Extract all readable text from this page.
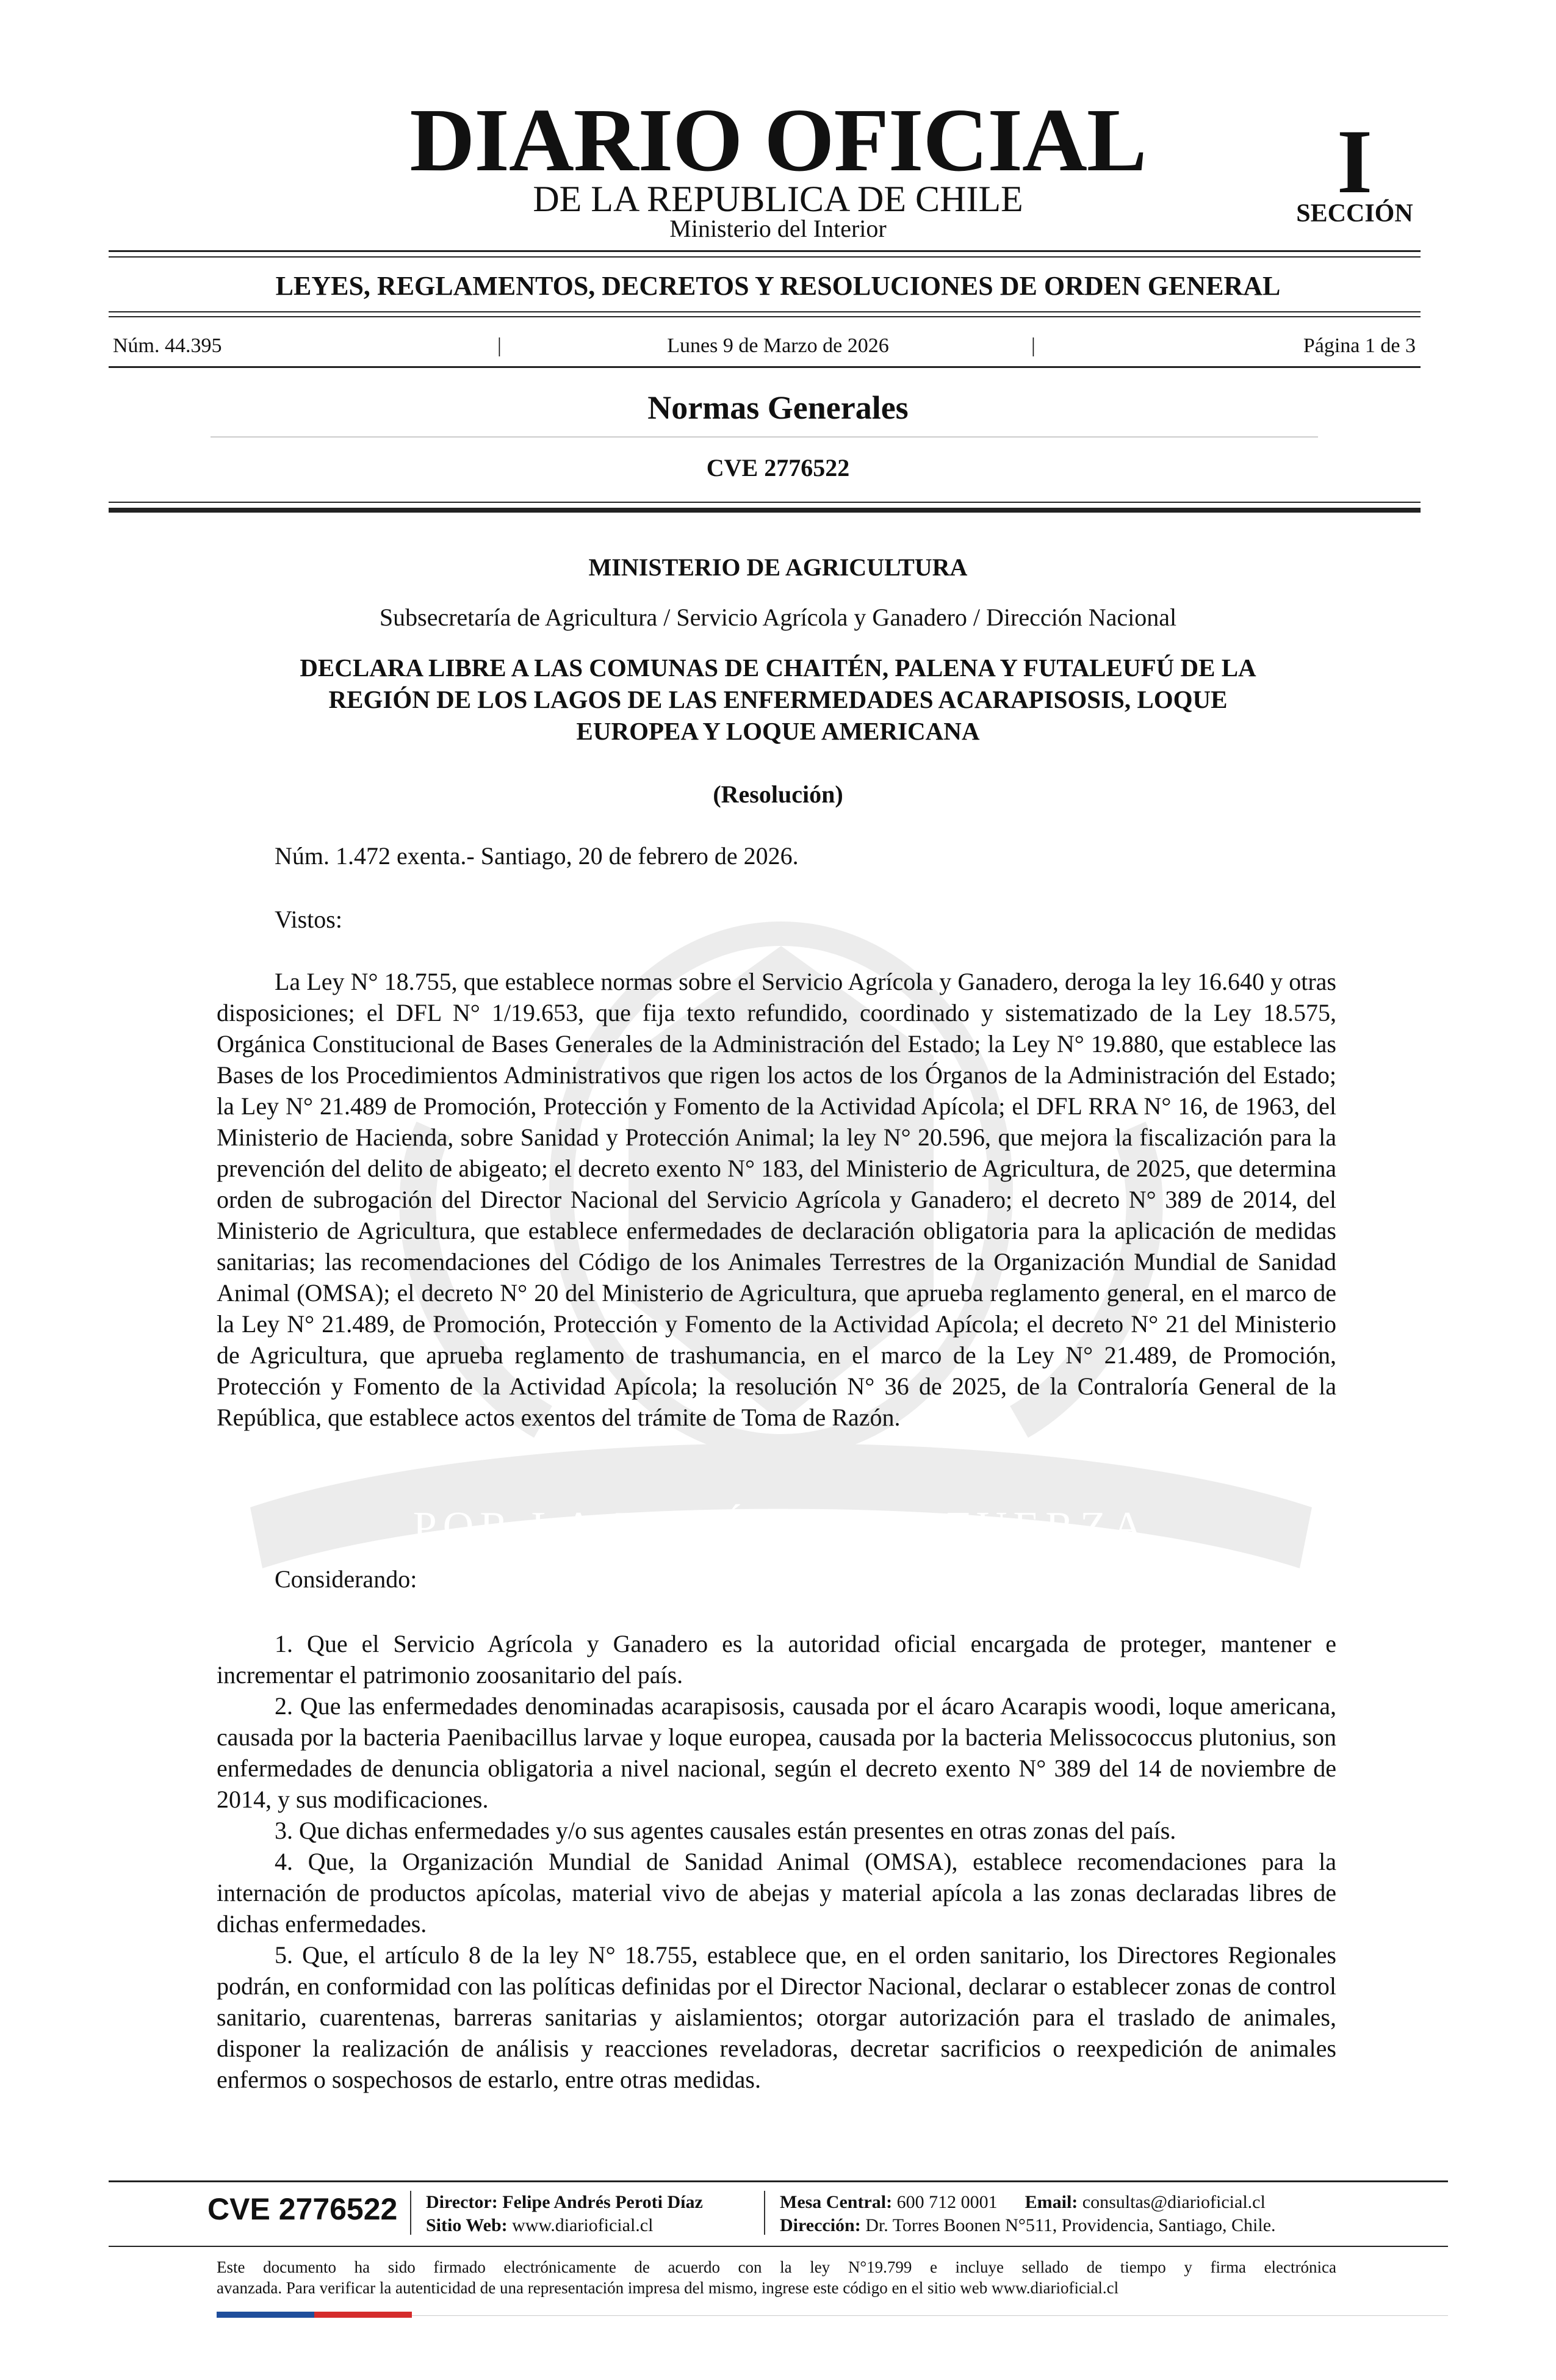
POR LA RAZÓN O LA FUERZA
DIARIO OFICIAL
DE LA REPUBLICA DE CHILE
Ministerio del Interior
I
SECCIÓN
LEYES, REGLAMENTOS, DECRETOS Y RESOLUCIONES DE ORDEN GENERAL
Núm. 44.395	|	Lunes 9 de Marzo de 2026	|	Página 1 de 3
Normas Generales
CVE 2776522
MINISTERIO DE AGRICULTURA
Subsecretaría de Agricultura / Servicio Agrícola y Ganadero / Dirección Nacional
DECLARA LIBRE A LAS COMUNAS DE CHAITÉN, PALENA Y FUTALEUFÚ DE LA
REGIÓN DE LOS LAGOS DE LAS ENFERMEDADES ACARAPISOSIS, LOQUE
EUROPEA Y LOQUE AMERICANA
(Resolución)
Núm. 1.472 exenta.- Santiago, 20 de febrero de 2026.
Vistos:
La Ley N° 18.755, que establece normas sobre el Servicio Agrícola y Ganadero, deroga la ley 16.640 y otras disposiciones; el DFL N° 1/19.653, que fija texto refundido, coordinado y sistematizado de la Ley 18.575, Orgánica Constitucional de Bases Generales de la Administración del Estado; la Ley N° 19.880, que establece las Bases de los Procedimientos Administrativos que rigen los actos de los Órganos de la Administración del Estado; la Ley N° 21.489 de Promoción, Protección y Fomento de la Actividad Apícola; el DFL RRA N° 16, de 1963, del Ministerio de Hacienda, sobre Sanidad y Protección Animal; la ley N° 20.596, que mejora la fiscalización para la prevención del delito de abigeato; el decreto exento N° 183, del Ministerio de Agricultura, de 2025, que determina orden de subrogación del Director Nacional del Servicio Agrícola y Ganadero; el decreto N° 389 de 2014, del Ministerio de Agricultura, que establece enfermedades de declaración obligatoria para la aplicación de medidas sanitarias; las recomendaciones del Código de los Animales Terrestres de la Organización Mundial de Sanidad Animal (OMSA); el decreto N° 20 del Ministerio de Agricultura, que aprueba reglamento general, en el marco de la Ley N° 21.489, de Promoción, Protección y Fomento de la Actividad Apícola; el decreto N° 21 del Ministerio de Agricultura, que aprueba reglamento de trashumancia, en el marco de la Ley N° 21.489, de Promoción, Protección y Fomento de la Actividad Apícola; la resolución N° 36 de 2025, de la Contraloría General de la República, que establece actos exentos del trámite de Toma de Razón.
Considerando:
1. Que el Servicio Agrícola y Ganadero es la autoridad oficial encargada de proteger, mantener e incrementar el patrimonio zoosanitario del país.
2. Que las enfermedades denominadas acarapisosis, causada por el ácaro Acarapis woodi, loque americana, causada por la bacteria Paenibacillus larvae y loque europea, causada por la bacteria Melissococcus plutonius, son enfermedades de denuncia obligatoria a nivel nacional, según el decreto exento N° 389 del 14 de noviembre de 2014, y sus modificaciones.
3. Que dichas enfermedades y/o sus agentes causales están presentes en otras zonas del país.
4. Que, la Organización Mundial de Sanidad Animal (OMSA), establece recomendaciones para la internación de productos apícolas, material vivo de abejas y material apícola a las zonas declaradas libres de dichas enfermedades.
5. Que, el artículo 8 de la ley N° 18.755, establece que, en el orden sanitario, los Directores Regionales podrán, en conformidad con las políticas definidas por el Director Nacional, declarar o establecer zonas de control sanitario, cuarentenas, barreras sanitarias y aislamientos; otorgar autorización para el traslado de animales, disponer la realización de análisis y reacciones reveladoras, decretar sacrificios o reexpedición de animales enfermos o sospechosos de estarlo, entre otras medidas.
CVE 2776522 Director: Felipe Andrés Peroti Díaz
Sitio Web: www.diarioficial.cl
Mesa Central: 600 712 0001 Email: consultas@diarioficial.cl
Dirección: Dr. Torres Boonen N°511, Providencia, Santiago, Chile.
Este documento ha sido firmado electrónicamente de acuerdo con la ley N°19.799 e incluye sellado de tiempo y firma electrónica
avanzada. Para verificar la autenticidad de una representación impresa del mismo, ingrese este código en el sitio web www.diarioficial.cl
